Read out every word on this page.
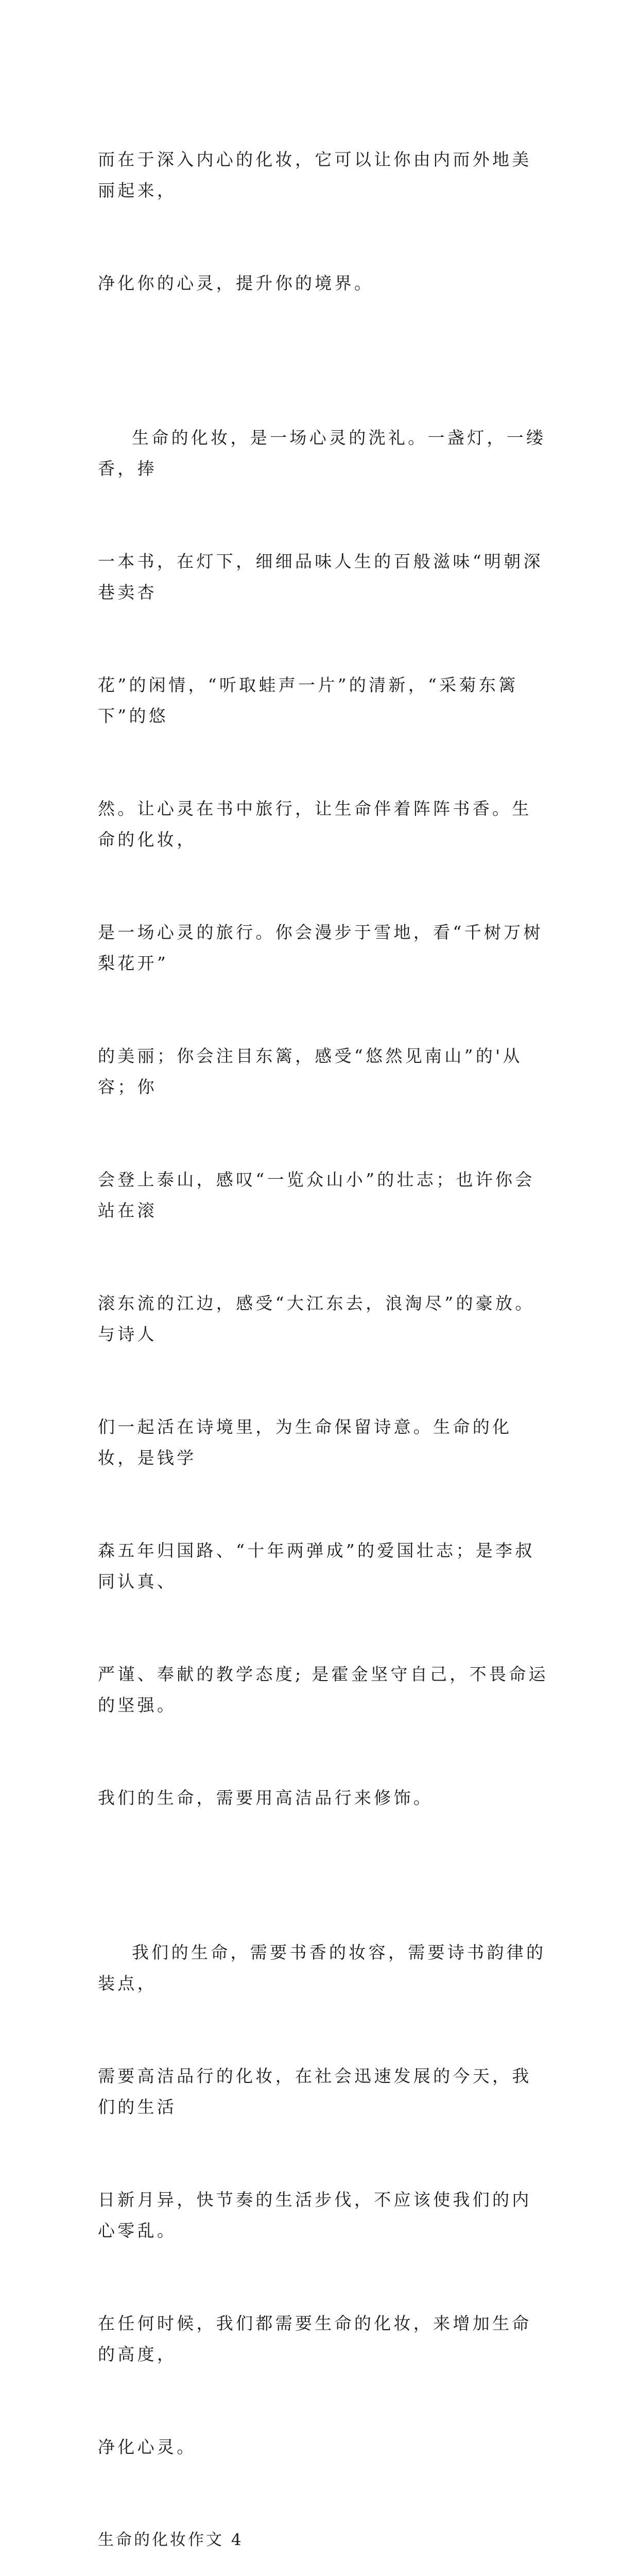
而在于深入内心的化妆，它可以让你由内而外地美丽起来，

净化你的心灵，提升你的境界。

生命的化妆，是一场心灵的洗礼。一盏灯，一缕香，捧

一本书，在灯下，细细品味人生的百般滋味“明朝深巷卖杏

花”的闲情，“听取蛙声一片”的清新，“采菊东篱下”的悠

然。让心灵在书中旅行，让生命伴着阵阵书香。生命的化妆，

是一场心灵的旅行。你会漫步于雪地，看“千树万树梨花开”

的美丽；你会注目东篱，感受“悠然见南山”的'从容；你

会登上泰山，感叹“一览众山小”的壮志；也许你会站在滚

滚东流的江边，感受“大江东去，浪淘尽”的豪放。与诗人

们一起活在诗境里，为生命保留诗意。生命的化妆，是钱学

森五年归国路、“十年两弹成”的爱国壮志；是李叔同认真、

严谨、奉献的教学态度; 是霍金坚守自己，不畏命运的坚强。

我们的生命，需要用高洁品行来修饰。

我们的生命，需要书香的妆容，需要诗书韵律的装点，

需要高洁品行的化妆，在社会迅速发展的今天，我们的生活

日新月异，快节奏的生活步伐，不应该使我们的内心零乱。

在任何时候，我们都需要生命的化妆，来增加生命的高度，

净化心灵。

生命的化妆作文 4
